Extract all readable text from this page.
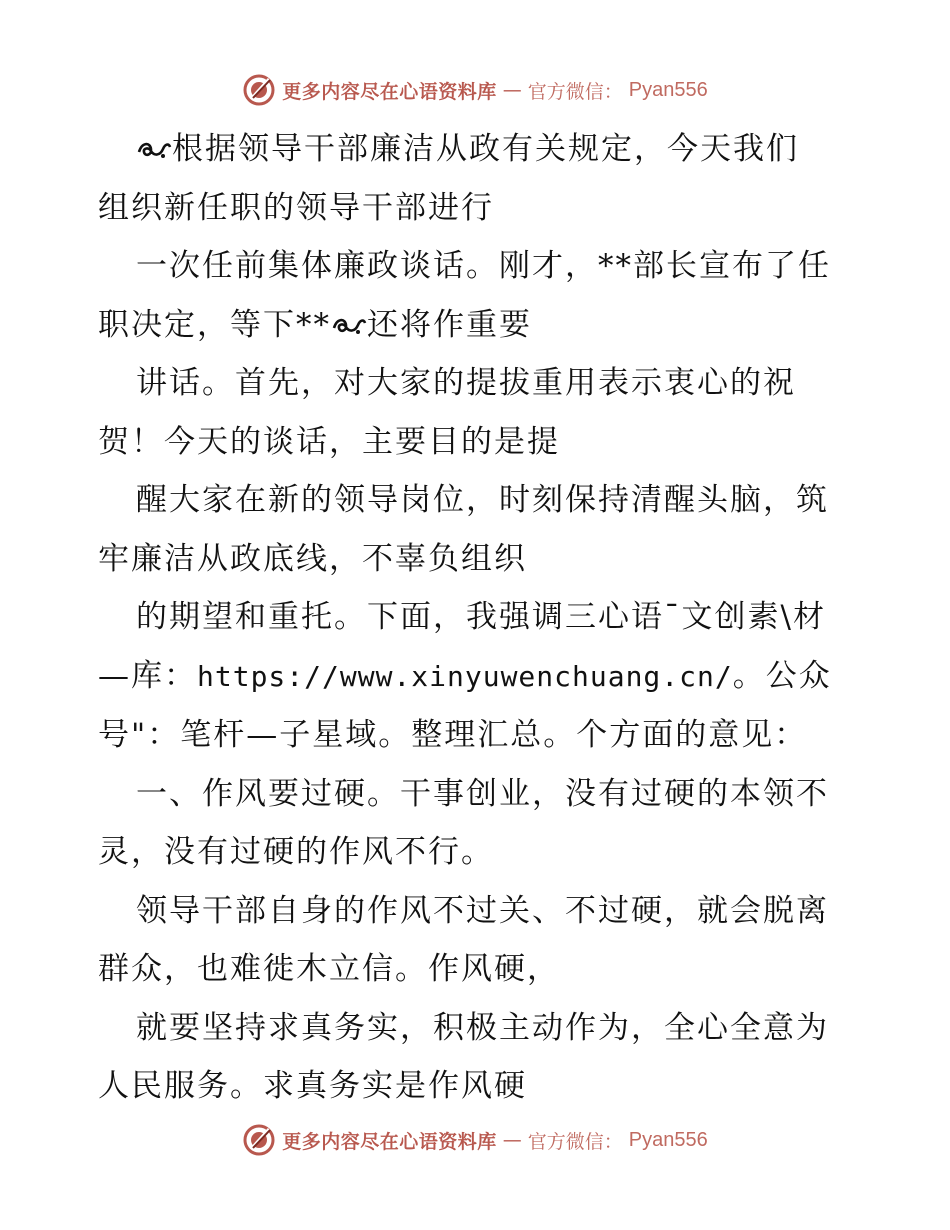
更多内容尽在心语资料库 — 官方微信： Pyan556

根据领导干部廉洁从政有关规定，今天我们
组织新任职的领导干部进行

一次任前集体廉政谈话。刚才，**部长宣布了任
职决定，等下** 还将作重要

讲话。首先，对大家的提拔重用表示衷心的祝
贺！今天的谈话，主要目的是提

醒大家在新的领导岗位，时刻保持清醒头脑，筑
牢廉洁从政底线，不辜负组织

的期望和重托。下面，我强调三心语¯文创素\材
—库：https://www.xinyuwenchuang.cn/。公众
号"：笔杆—子星域。整理汇总。个方面的意见：

一、作风要过硬。干事创业，没有过硬的本领不
灵，没有过硬的作风不行。

领导干部自身的作风不过关、不过硬，就会脱离
群众，也难徙木立信。作风硬，

就要坚持求真务实，积极主动作为，全心全意为
人民服务。求真务实是作风硬

更多内容尽在心语资料库 — 官方微信： Pyan556
